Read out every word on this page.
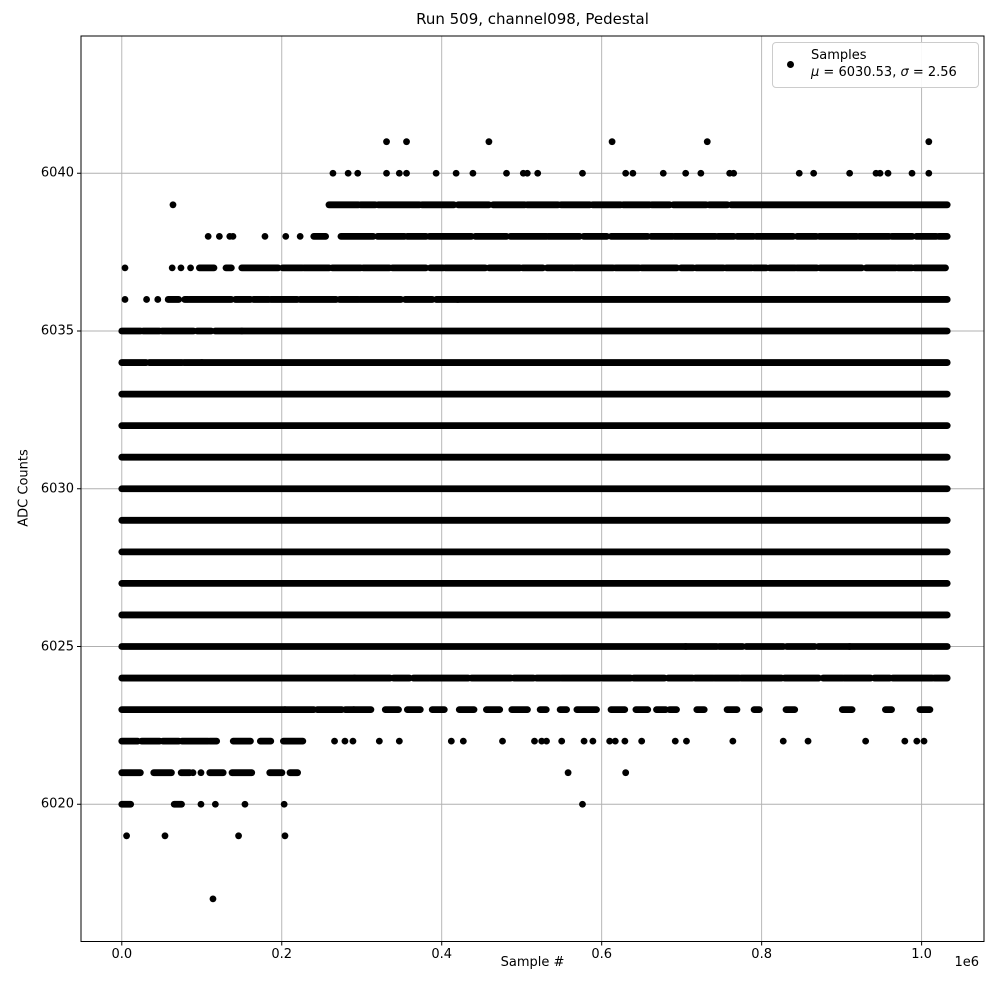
Run 509, channel098, Pedestal
ADC Counts
Sample #	1e6
0.0	0.2	0.4	0.6	0.8	1.0
6020
6025
6030
6035
6040
Samples
μ = 6030.53, σ = 2.56
